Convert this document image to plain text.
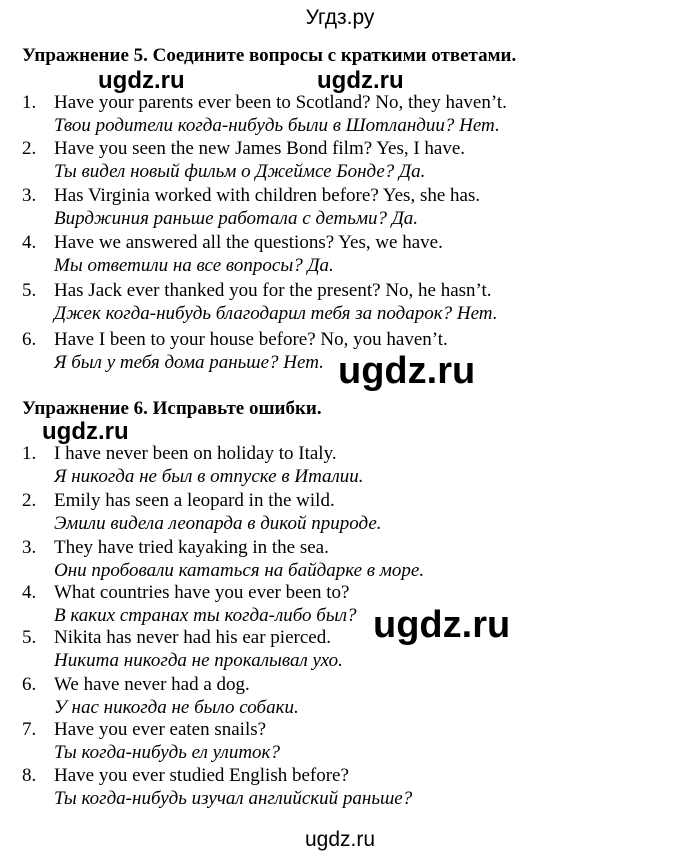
Угдз.ру
Упражнение 5. Соедините вопросы с краткими ответами.
ugdz.ru	ugdz.ru
1. Have your parents ever been to Scotland? No, they haven’t.
Твои родители когда-нибудь были в Шотландии? Нет.
2. Have you seen the new James Bond film? Yes, I have.
Ты видел новый фильм о Джеймсе Бонде? Да.
3. Has Virginia worked with children before? Yes, she has.
Вирджиния раньше работала с детьми? Да.
4. Have we answered all the questions? Yes, we have.
Мы ответили на все вопросы? Да.
5. Has Jack ever thanked you for the present? No, he hasn’t.
Джек когда-нибудь благодарил тебя за подарок? Нет.
6. Have I been to your house before? No, you haven’t.
Я был у тебя дома раньше? Нет. ugdz.ru
Упражнение 6. Исправьте ошибки.
ugdz.ru
1. I have never been on holiday to Italy.
Я никогда не был в отпуске в Италии.
2. Emily has seen a leopard in the wild.
Эмили видела леопарда в дикой природе.
3. They have tried kayaking in the sea.
Они пробовали кататься на байдарке в море.
4. What countries have you ever been to?
В каких странах ты когда-либо был? ugdz.ru
5. Nikita has never had his ear pierced.
Никита никогда не прокалывал ухо.
6. We have never had a dog.
У нас никогда не было собаки.
7. Have you ever eaten snails?
Ты когда-нибудь ел улиток?
8. Have you ever studied English before?
Ты когда-нибудь изучал английский раньше?
ugdz.ru
